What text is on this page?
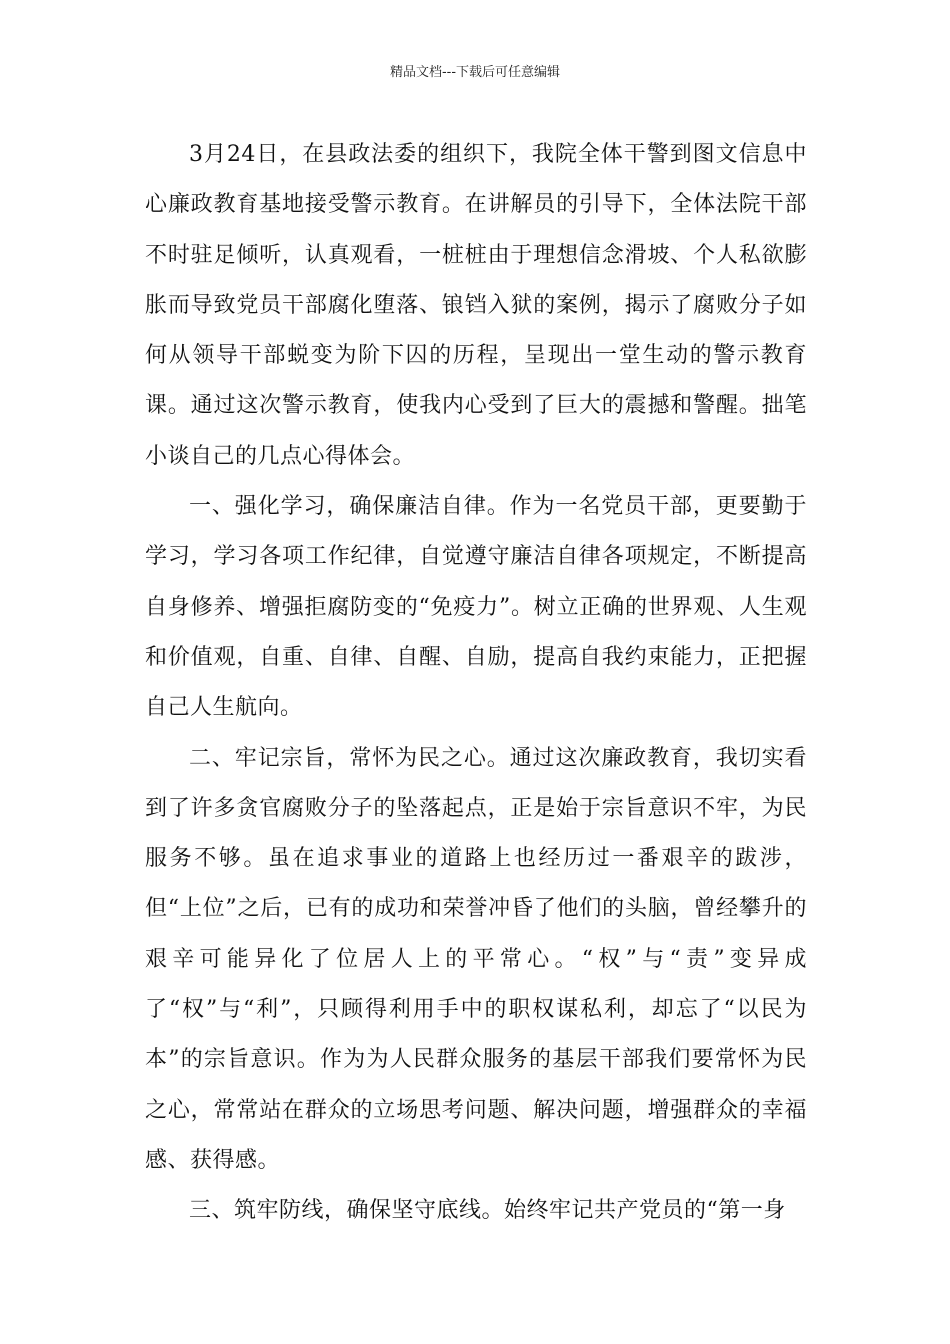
精品文档---下载后可任意编辑

3月24日，在县政法委的组织下，我院全体干警到图文信息中心廉政教育基地接受警示教育。在讲解员的引导下，全体法院干部不时驻足倾听，认真观看，一桩桩由于理想信念滑坡、个人私欲膨胀而导致党员干部腐化堕落、锒铛入狱的案例，揭示了腐败分子如何从领导干部蜕变为阶下囚的历程，呈现出一堂生动的警示教育课。通过这次警示教育，使我内心受到了巨大的震撼和警醒。拙笔小谈自己的几点心得体会。

一、强化学习，确保廉洁自律。作为一名党员干部，更要勤于学习，学习各项工作纪律，自觉遵守廉洁自律各项规定，不断提高自身修养、增强拒腐防变的“免疫力”。树立正确的世界观、人生观和价值观，自重、自律、自醒、自励，提高自我约束能力，正把握自己人生航向。

二、牢记宗旨，常怀为民之心。通过这次廉政教育，我切实看到了许多贪官腐败分子的坠落起点，正是始于宗旨意识不牢，为民服务不够。虽在追求事业的道路上也经历过一番艰辛的跋涉，但“上位”之后，已有的成功和荣誉冲昏了他们的头脑，曾经攀升的艰辛可能异化了位居人上的平常心。“权”与“责”变异成了“权”与“利”，只顾得利用手中的职权谋私利，却忘了“以民为本”的宗旨意识。作为为人民群众服务的基层干部我们要常怀为民之心，常常站在群众的立场思考问题、解决问题，增强群众的幸福感、获得感。

三、筑牢防线，确保坚守底线。始终牢记共产党员的“第一身
